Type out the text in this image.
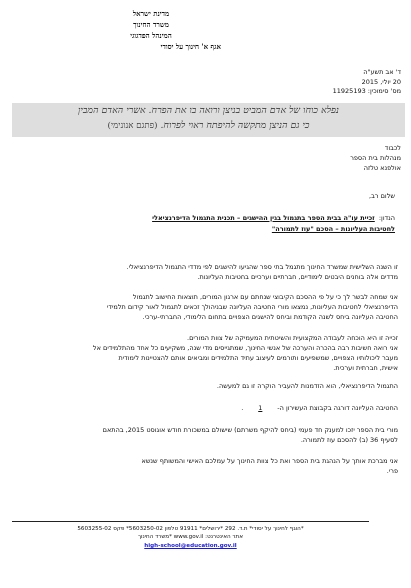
מדינת ישראל
משרד החינוך
המינהל הפדגוגי
אגף א' חינוך על יסודי
ד' אב תשע"ה
20 יולי, 2015
מס' סימוכין: 11925193
נפלא כוחו של אדם המביט בניצן ורואה בו את הפרח. אשרי האדם המבין
כי גם הניצן מתקשה להיפתח ראוי לפרוח. (פתגם אנונימי)
לכבוד
מנהלות בית הספר
אולפנא טלזה
שלום רב,
הנדון: זכיית עו"ה בבית הספר בתגמול בגין ההישגים – תכנית התגמול הדיפרנציאלי
לחטיבות העליונות – הסכם "עוז לתמורה"
זו השנה השלישית שמשרד החינוך מתגמל בתי ספר שהגיעו להישגים לפי מדדי התגמול הדיפרנציאלי.
מדדים אלה בוחנים היבטים לימודיים, חברתיים וערכיים בחטיבות העליונות.
אני שמחה לבשר לך כי על פי ההסכם הקיבוצי שנחתם עם ארגון המורים, תוצאות החישוב לתגמול
הדיפרנציאלי לחטיבות העליונות, נמצאו מורי החטיבה העליונה שבניהולך זכאים לתגמול לאור קידום תלמידי
החטיבה העליונה ביחס לשנה הקודמת וביחס להישגים הצפויים בתחום הלימודי, החברתי-ערכי.
זכייה זו היא הוכחה לעבודה המקצועית והשיטתית המעמיקה של צוות המורים.
אני רואה חשיבות רבה בהכרה והערכה של אנשי החינוך, שמתגייסים מדי שנה, משקיעים כל אחד מהתלמידים אל
מעבר ליכולותיו הצפויים, שמשפיעים ותורמים לעיצוב עתיד התלמידים ומביאים אותם להצטיינות לימודית
אישית, חברתית וערכית.
התגמול הדיפרנציאלי, הוא הזדמנות להעביר הוקרה זו גם למעשה.
החטיבה העליונה דורגה בקבוצת העשירון ה-1.
מורי בית הספר יזכו למענק חד פעמי (ביחס להיקף משרתם) שישולם במשכורת חודש אוגוסט 2015, בהתאם
לסעיף 36 (ב) להסכם עוז לתמורה.
אני מברכת אותך על הנהגת בית הספר ואת כל צוות החינוך על עמלכם האישי והמשותף שנשא
פרי.
*הוגף לחינוך על יסודי* ת.ד. 292 *ירושלים* 91911 טלפון 5603250-02* פקס 5603255-02
אתר האינטרנט: www.gov.il *משרד החינוך
high-school@education.gov.il
